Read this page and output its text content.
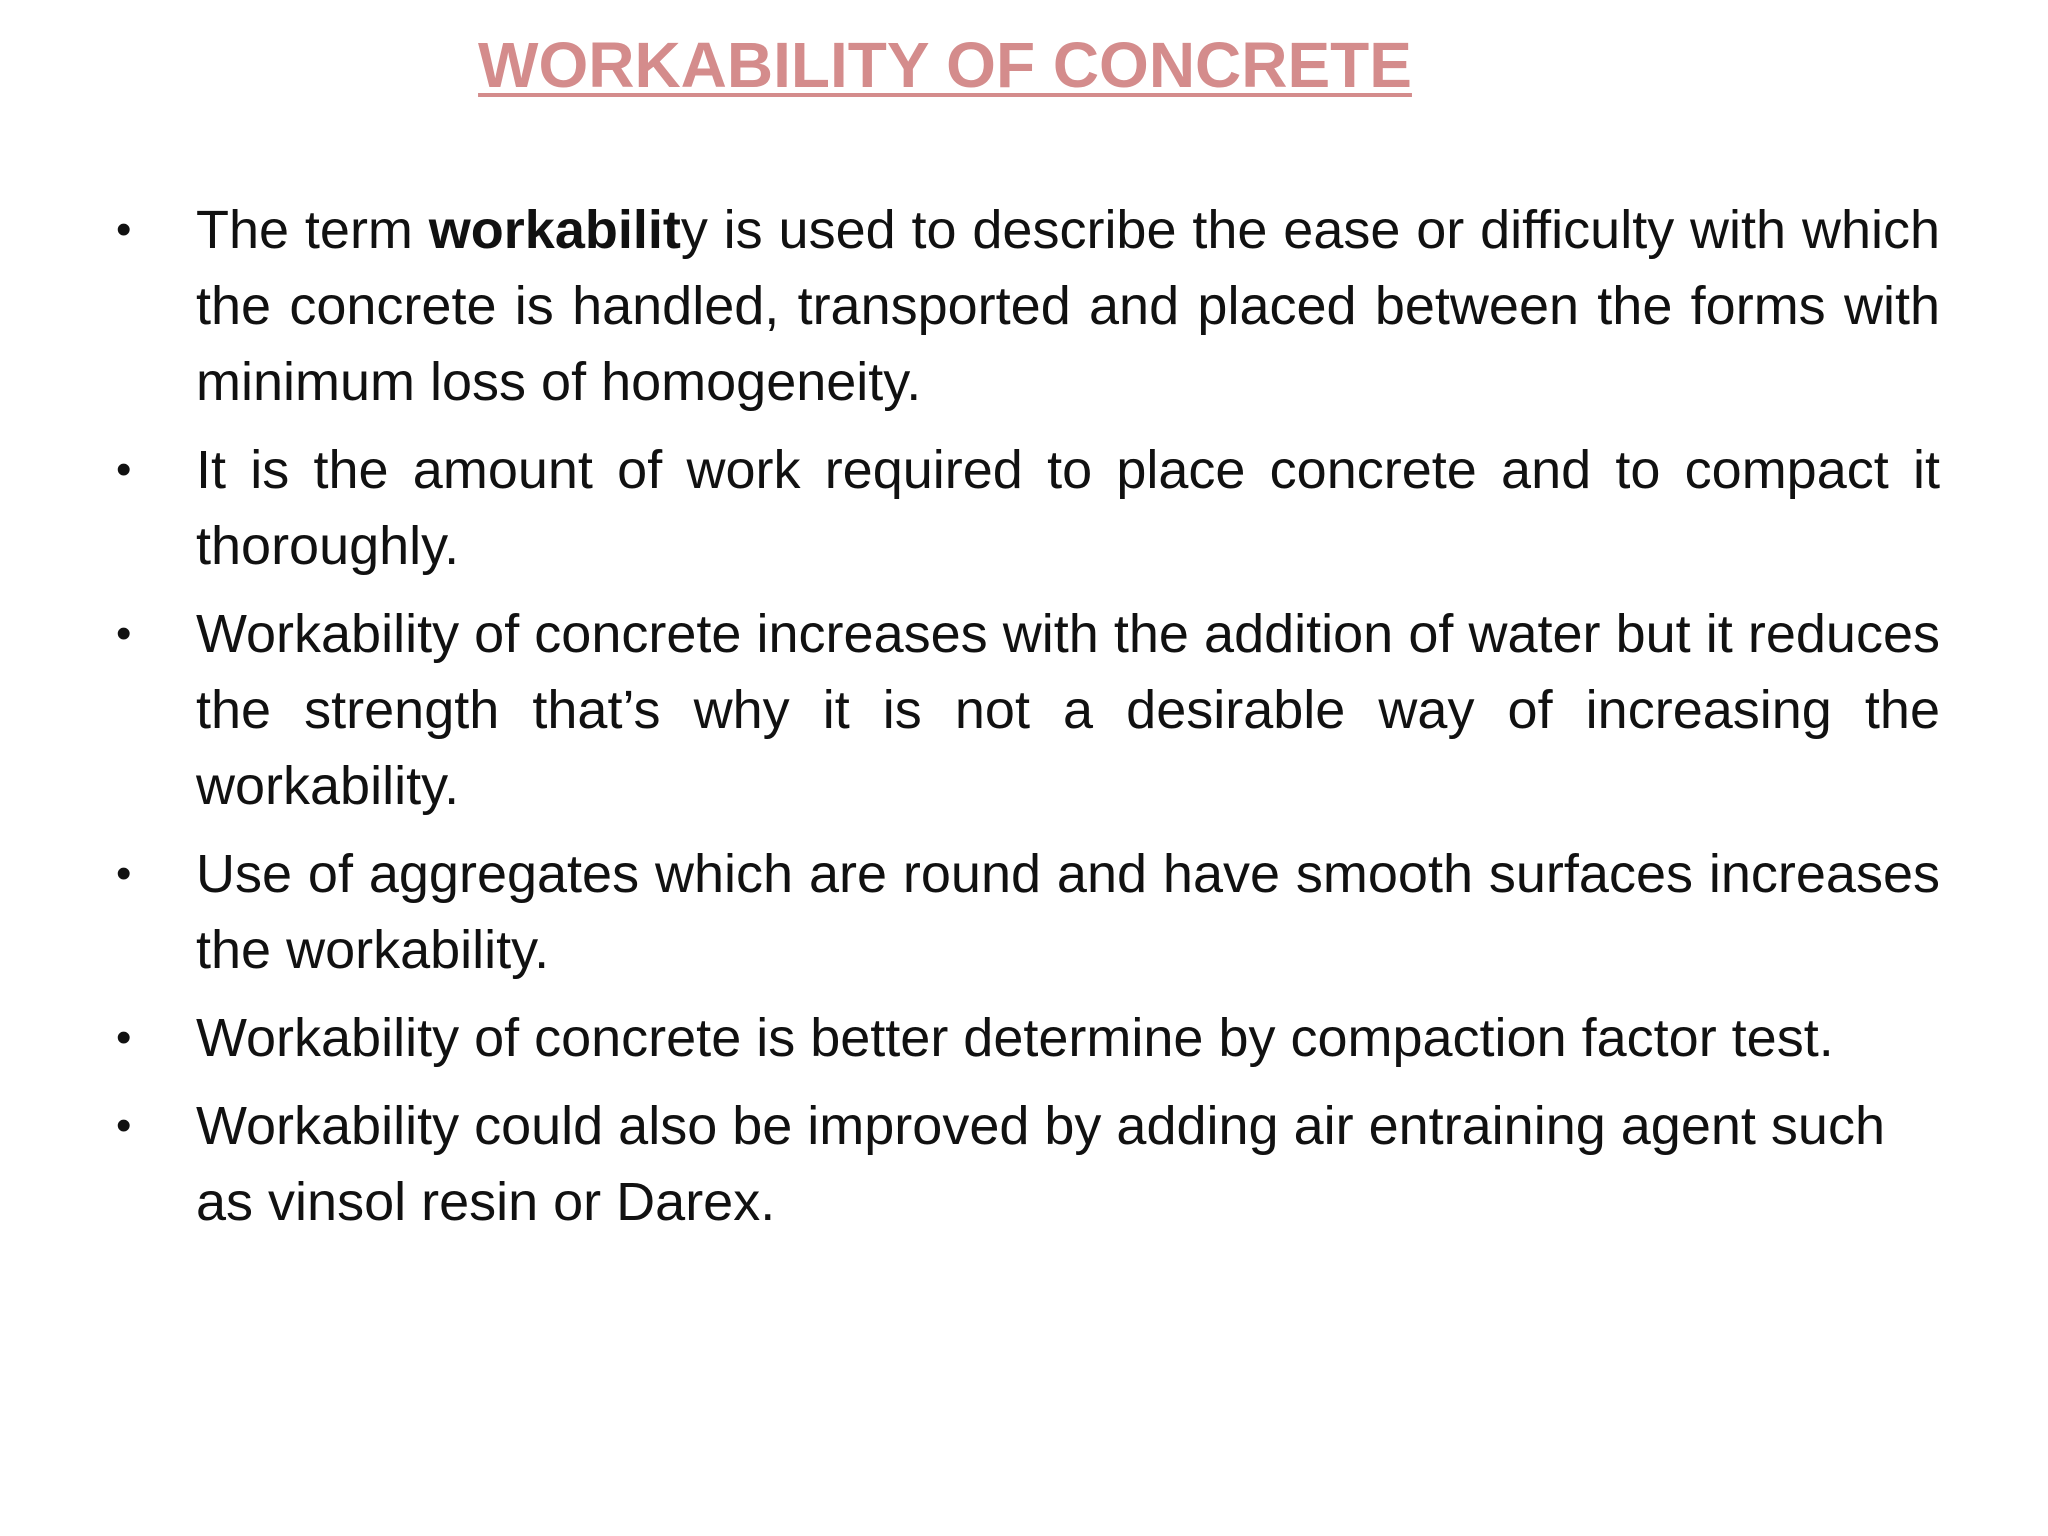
WORKABILITY OF CONCRETE
• The term workability is used to describe the ease or difficulty with which the concrete is handled, transported and placed between the forms with minimum loss of homogeneity.
• It is the amount of work required to place concrete and to compact it thoroughly.
• Workability of concrete increases with the addition of water but it reduces the strength that’s why it is not a desirable way of increasing the workability.
• Use of aggregates which are round and have smooth surfaces increases the workability.
• Workability of concrete is better determine by compaction factor test.
• Workability could also be improved by adding air entraining agent such as vinsol resin or Darex.
